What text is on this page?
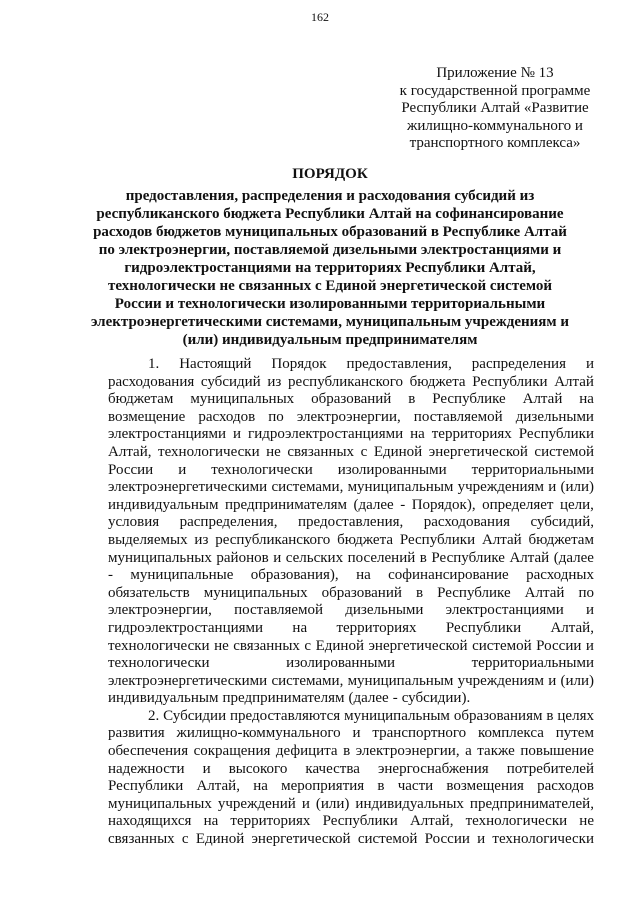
162
Приложение № 13
к государственной программе
Республики Алтай «Развитие
жилищно-коммунального и
транспортного комплекса»
ПОРЯДОК
предоставления, распределения и расходования субсидий из
республиканского бюджета Республики Алтай на софинансирование
расходов бюджетов муниципальных образований в Республике Алтай
по электроэнергии, поставляемой дизельными электростанциями и
гидроэлектростанциями на территориях Республики Алтай,
технологически не связанных с Единой энергетической системой
России и технологически изолированными территориальными
электроэнергетическими системами, муниципальным учреждениям и
(или) индивидуальным предпринимателям
1. Настоящий Порядок предоставления, распределения и
расходования субсидий из республиканского бюджета Республики Алтай
бюджетам муниципальных образований в Республике Алтай на
возмещение расходов по электроэнергии, поставляемой дизельными
электростанциями и гидроэлектростанциями на территориях Республики
Алтай, технологически не связанных с Единой энергетической системой
России и технологически изолированными территориальными
электроэнергетическими системами, муниципальным учреждениям и (или)
индивидуальным предпринимателям (далее - Порядок), определяет цели,
условия распределения, предоставления, расходования субсидий,
выделяемых из республиканского бюджета Республики Алтай бюджетам
муниципальных районов и сельских поселений в Республике Алтай (далее
- муниципальные образования), на софинансирование расходных
обязательств муниципальных образований в Республике Алтай по
электроэнергии, поставляемой дизельными электростанциями и
гидроэлектростанциями на территориях Республики Алтай,
технологически не связанных с Единой энергетической системой России и
технологически	изолированными	территориальными
электроэнергетическими системами, муниципальным учреждениям и (или)
индивидуальным предпринимателям (далее - субсидии).
2. Субсидии предоставляются муниципальным образованиям в целях
развития жилищно-коммунального и транспортного комплекса путем
обеспечения сокращения дефицита в электроэнергии, а также повышение
надежности и высокого качества энергоснабжения потребителей
Республики Алтай, на мероприятия в части возмещения расходов
муниципальных учреждений и (или) индивидуальных предпринимателей,
находящихся на территориях Республики Алтай, технологически не
связанных с Единой энергетической системой России и технологически
